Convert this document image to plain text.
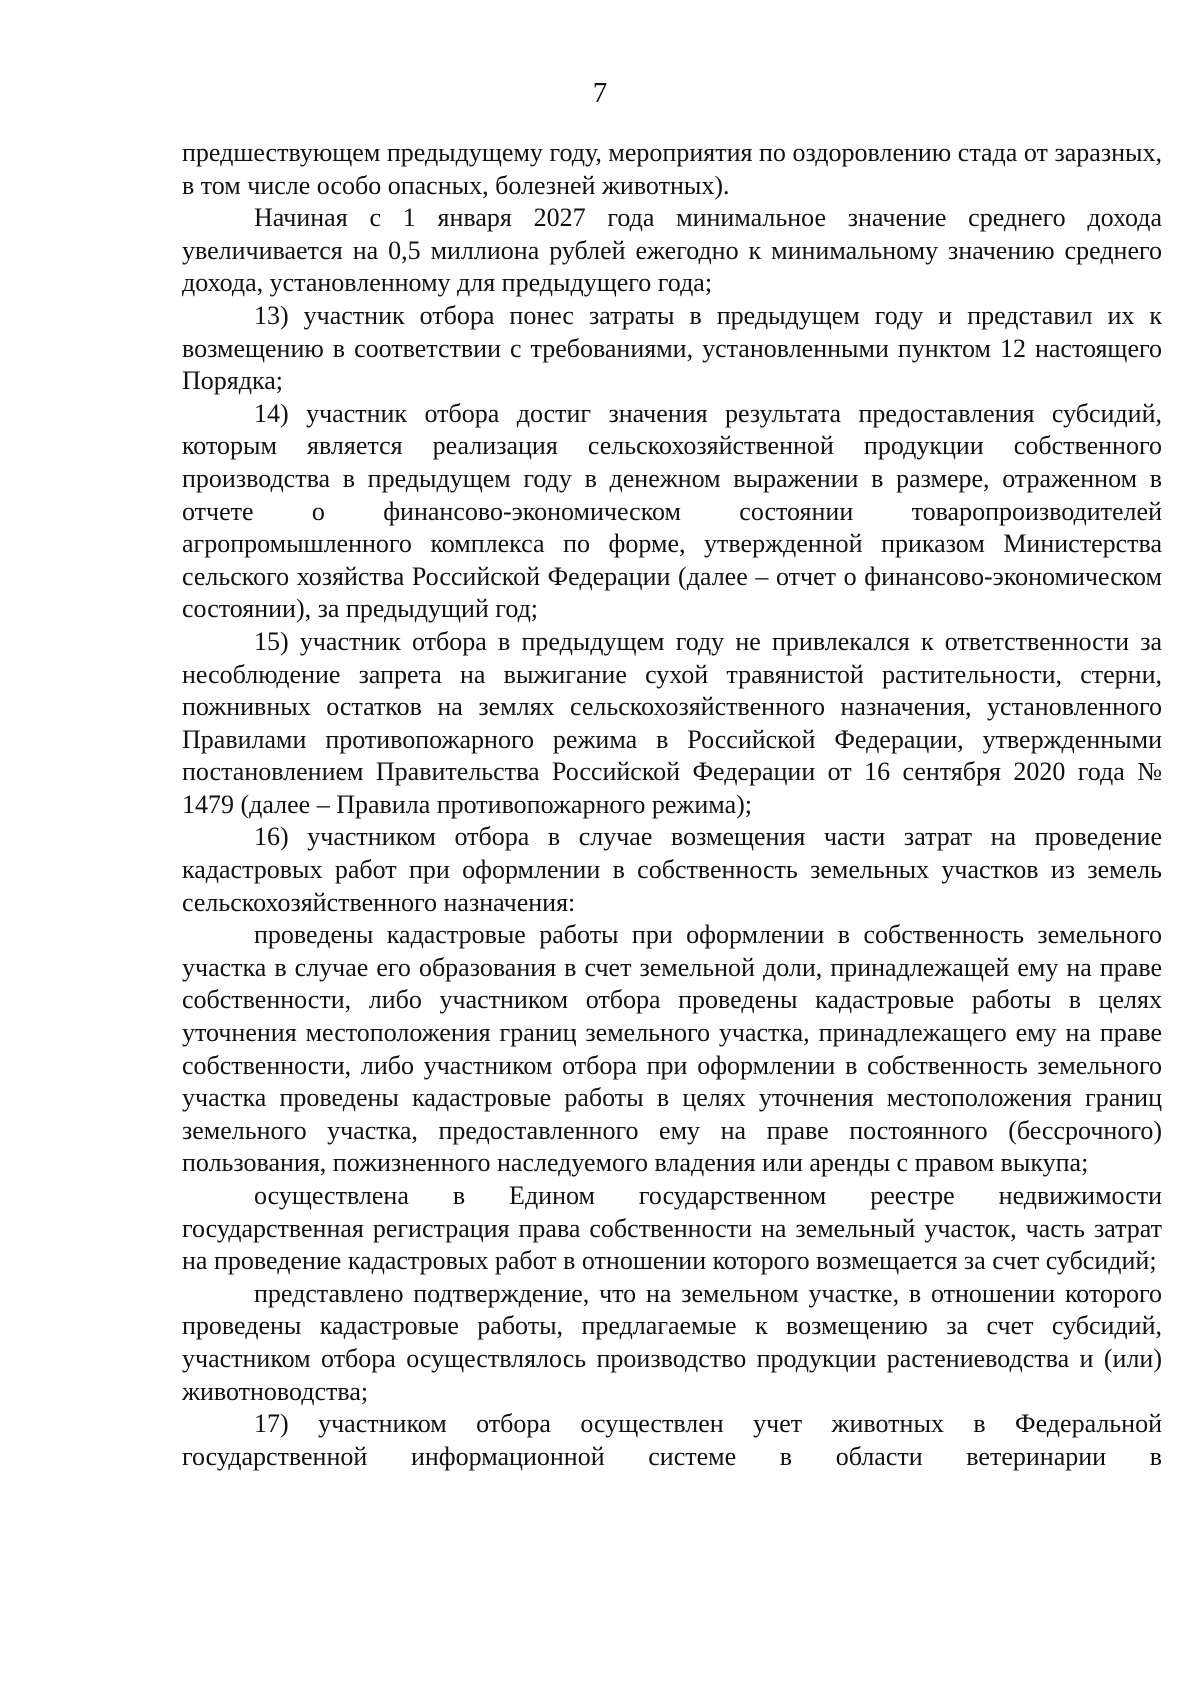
7

предшествующем предыдущему году, мероприятия по оздоровлению стада от заразных, в том числе особо опасных, болезней животных).

Начиная с 1 января 2027 года минимальное значение среднего дохода увеличивается на 0,5 миллиона рублей ежегодно к минимальному значению среднего дохода, установленному для предыдущего года;

13) участник отбора понес затраты в предыдущем году и представил их к возмещению в соответствии с требованиями, установленными пунктом 12 настоящего Порядка;

14) участник отбора достиг значения результата предоставления субсидий, которым является реализация сельскохозяйственной продукции собственного производства в предыдущем году в денежном выражении в размере, отраженном в отчете о финансово-экономическом состоянии товаропроизводителей агропромышленного комплекса по форме, утвержденной приказом Министерства сельского хозяйства Российской Федерации (далее – отчет о финансово-экономическом состоянии), за предыдущий год;

15) участник отбора в предыдущем году не привлекался к ответственности за несоблюдение запрета на выжигание сухой травянистой растительности, стерни, пожнивных остатков на землях сельскохозяйственного назначения, установленного Правилами противопожарного режима в Российской Федерации, утвержденными постановлением Правительства Российской Федерации от 16 сентября 2020 года № 1479 (далее – Правила противопожарного режима);

16) участником отбора в случае возмещения части затрат на проведение кадастровых работ при оформлении в собственность земельных участков из земель сельскохозяйственного назначения:

проведены кадастровые работы при оформлении в собственность земельного участка в случае его образования в счет земельной доли, принадлежащей ему на праве собственности, либо участником отбора проведены кадастровые работы в целях уточнения местоположения границ земельного участка, принадлежащего ему на праве собственности, либо участником отбора при оформлении в собственность земельного участка проведены кадастровые работы в целях уточнения местоположения границ земельного участка, предоставленного ему на праве постоянного (бессрочного) пользования, пожизненного наследуемого владения или аренды с правом выкупа;

осуществлена в Едином государственном реестре недвижимости государственная регистрация права собственности на земельный участок, часть затрат на проведение кадастровых работ в отношении которого возмещается за счет субсидий;

представлено подтверждение, что на земельном участке, в отношении которого проведены кадастровые работы, предлагаемые к возмещению за счет субсидий, участником отбора осуществлялось производство продукции растениеводства и (или) животноводства;

17) участником отбора осуществлен учет животных в Федеральной государственной информационной системе в области ветеринарии в
